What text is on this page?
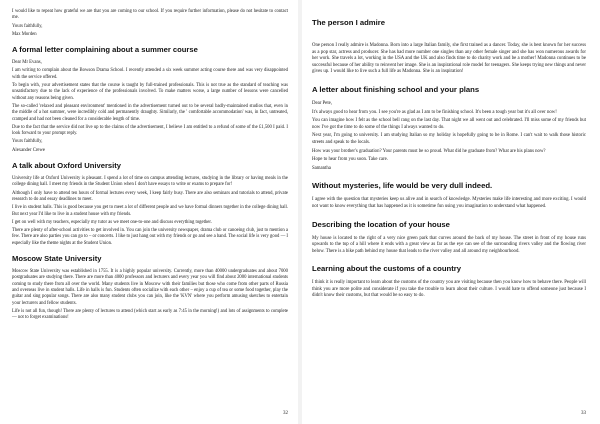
I would like to repeat how grateful we are that you are coming to our school. If you require further information, please do not hesitate to contact me.

Yours faithfully,

Max Morden

A formal letter complaining about a summer course

Dear Mr Evans,

I am writing to complain about the Bowson Drama School. I recently attended a six week summer acting course there and was very disappointed with the service offered.

To begin with, your advertisement states that the course is taught by full-trained professionals. This is not true as the standard of teaching was unsatisfactory due to the lack of experience of the professionals involved. To make matters worse, a large number of lessons were cancelled without any reasons being given.

The so-called 'relaxed and pleasant environment' mentioned in the advertisement turned out to be several badly-maintained studios that, even in the middle of a hot summer, were incredibly cold and permanently draughty. Similarly, the ' comfortable accommodation' was, in fact, untreated, cramped and had not been cleaned for a considerable length of time.

Due to the fact that the service did not live up to the claims of the advertisement, I believe I am entitled to a refund of some of the £1,500 I paid. I look forward to your prompt reply.

Yours faithfully,

Alexander Crewe

A talk about Oxford University

University life at Oxford University is pleasant. I spend a lot of time on campus attending lectures, studying in the library or having meals in the college dining hall. I meet my friends in the Student Union when I don't have essays to write or exams to prepare for!

Although I only have to attend ten hours of formal lectures every week, I keep fairly busy. There are also seminars and tutorials to attend, private research to do and essay deadlines to meet.

I live in student halls. This is good because you get to meet a lot of different people and we have formal dinners together in the college dining hall. But next year I'd like to live in a student house with my friends.

I get on well with my teachers, especially my tutor as we meet one-to-one and discuss everything together.

There are plenty of after-school activities to get involved in. You can join the university newspaper, drama club or canoeing club, just to mention a few. There are also parties you can go to – or concerts. I like to just hang out with my friends or go and see a band. The social life is very good — I especially like the theme nights at the Student Union.

Moscow State University

Moscow State University was established in 1755. It is a highly popular university. Currently, more than 40000 undergraduates and about 7000 postgraduates are studying there. There are more than 4000 professors and lecturers and every year you will find about 2000 international students coming to study there from all over the world. Many students live in Moscow with their families but those who come from other parts of Russia and overseas live in student halls. Life in halls is fun. Students often socialize with each other – enjoy a cup of tea or some food together, play the guitar and sing popular songs. There are also many student clubs you can join, like the 'KVN' where you perform amusing sketches to entertain your lecturers and fellow students.

Life is not all fun, though! There are plenty of lectures to attend (which start as early as 7:45 in the morning!) and lots of assignments to complete — not to forget examinations!

32
The person I admire

One person I really admire is Madonna. Born into a large Italian family, she first trained as a dancer. Today, she is best known for her success as a pop star, actress and producer. She has had more number one singles than any other female singer and she has won numerous awards for her work. She travels a lot, working in the USA and the UK and also finds time to do charity work and be a mother! Madonna continues to be successful because of her ability to reinvent her image. She is an inspirational role model for teenagers. She keeps trying new things and never gives up. I would like to live such a full life as Madonna. She is an inspiration!

A letter about finishing school and your plans

Dear Pete,

It's always good to hear from you. I see you're as glad as I am to be finishing school. It's been a tough year but it's all over now!

You can imagine how I felt as the school bell rang on the last day. That night we all went out and celebrated. I'll miss some of my friends but now I've got the time to do some of the things I always wanted to do.

Next year, I'm going to university. I am studying Italian so my holiday is hopefully going to be in Rome. I can't wait to walk those historic streets and speak to the locals.

How was your brother's graduation? Your parents must be so proud. What did he graduate from? What are his plans now?

Hope to hear from you soon. Take care.

Samantha

Without mysteries, life would be very dull indeed.

I agree with the question that mysteries keep us alive and in search of knowledge. Mysteries make life interesting and more exciting. I would not want to know everything that has happened as it is sometime fun using you imagination to understand what happened.

Describing the location of your house

My house is located to the right of a very nice green park that curves around the back of my house. The street in front of my house runs upwards to the top of a hill where it ends with a great view as far as the eye can see of the surrounding rivers valley and the flowing river below. There is a bike path behind my house that leads to the river valley and all around my neighbourhood.

Learning about the customs of a country

I think it is really important to learn about the customs of the country you are visiting because then you know how to behave there. People will think you are more polite and considerate if you take the trouble to learn about their culture. I would hate to offend someone just because I didn't know their customs, but that would be so easy to do.

33
